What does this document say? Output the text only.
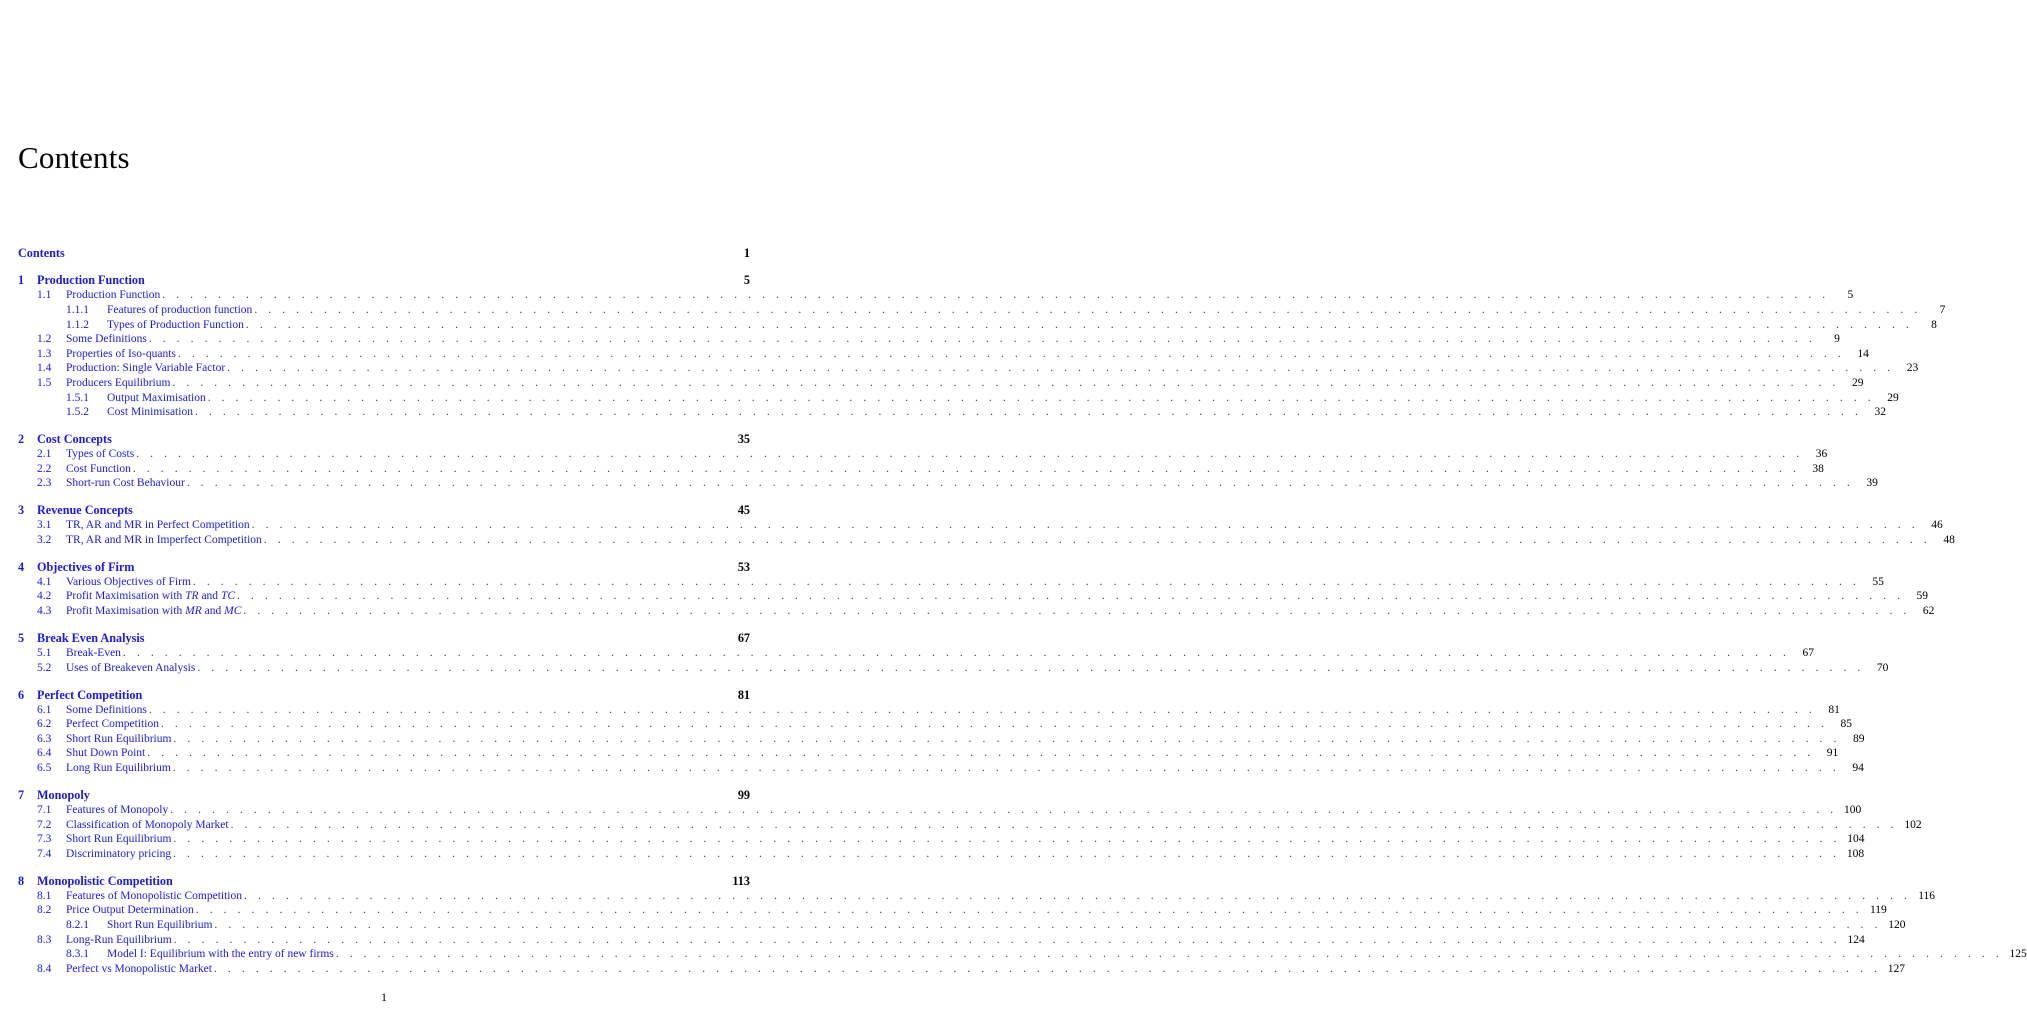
Contents
Contents	1
1	Production Function	5
1.1	Production Function . . . . . . . . . . . . . . . . . . . . . . . . . . . . . . . . . . . . . . . . . . . . . . . . . . . . . . . . . . . . . . . . . . . . . . . . . . . . . . . . . . . . . . . . . . . . . . . . . . . . . . . . . . . . . . . . . . . . . . . .	5
1.1.1	Features of production function . . . . . . . . . . . . . . . . . . . . . . . . . . . . . . . . . . . . . . . . . . . . . . . . . . . . . . . . . . . . . . . . . . . . . . . . . . . . . . . . . . . . . . . . . . . . . . . . . . . . . . . . . . . . . . . . . . . . . . . .	7
1.1.2	Types of Production Function . . . . . . . . . . . . . . . . . . . . . . . . . . . . . . . . . . . . . . . . . . . . . . . . . . . . . . . . . . . . . . . . . . . . . . . . . . . . . . . . . . . . . . . . . . . . . . . . . . . . . . . . . . . . . . . . . . . . . . . .	8
1.2	Some Definitions . . . . . . . . . . . . . . . . . . . . . . . . . . . . . . . . . . . . . . . . . . . . . . . . . . . . . . . . . . . . . . . . . . . . . . . . . . . . . . . . . . . . . . . . . . . . . . . . . . . . . . . . . . . . . . . . . . . . . . . .	9
1.3	Properties of Iso-quants . . . . . . . . . . . . . . . . . . . . . . . . . . . . . . . . . . . . . . . . . . . . . . . . . . . . . . . . . . . . . . . . . . . . . . . . . . . . . . . . . . . . . . . . . . . . . . . . . . . . . . . . . . . . . . . . . . . . . . . .	14
1.4	Production: Single Variable Factor . . . . . . . . . . . . . . . . . . . . . . . . . . . . . . . . . . . . . . . . . . . . . . . . . . . . . . . . . . . . . . . . . . . . . . . . . . . . . . . . . . . . . . . . . . . . . . . . . . . . . . . . . . . . . . . . . . . . . . . .	23
1.5	Producers Equilibrium . . . . . . . . . . . . . . . . . . . . . . . . . . . . . . . . . . . . . . . . . . . . . . . . . . . . . . . . . . . . . . . . . . . . . . . . . . . . . . . . . . . . . . . . . . . . . . . . . . . . . . . . . . . . . . . . . . . . . . . .	29
1.5.1	Output Maximisation . . . . . . . . . . . . . . . . . . . . . . . . . . . . . . . . . . . . . . . . . . . . . . . . . . . . . . . . . . . . . . . . . . . . . . . . . . . . . . . . . . . . . . . . . . . . . . . . . . . . . . . . . . . . . . . . . . . . . . . .	29
1.5.2	Cost Minimisation . . . . . . . . . . . . . . . . . . . . . . . . . . . . . . . . . . . . . . . . . . . . . . . . . . . . . . . . . . . . . . . . . . . . . . . . . . . . . . . . . . . . . . . . . . . . . . . . . . . . . . . . . . . . . . . . . . . . . . . .	32
2	Cost Concepts	35
2.1	Types of Costs . . . . . . . . . . . . . . . . . . . . . . . . . . . . . . . . . . . . . . . . . . . . . . . . . . . . . . . . . . . . . . . . . . . . . . . . . . . . . . . . . . . . . . . . . . . . . . . . . . . . . . . . . . . . . . . . . . . . . . . .	36
2.2	Cost Function . . . . . . . . . . . . . . . . . . . . . . . . . . . . . . . . . . . . . . . . . . . . . . . . . . . . . . . . . . . . . . . . . . . . . . . . . . . . . . . . . . . . . . . . . . . . . . . . . . . . . . . . . . . . . . . . . . . . . . . .	38
2.3	Short-run Cost Behaviour . . . . . . . . . . . . . . . . . . . . . . . . . . . . . . . . . . . . . . . . . . . . . . . . . . . . . . . . . . . . . . . . . . . . . . . . . . . . . . . . . . . . . . . . . . . . . . . . . . . . . . . . . . . . . . . . . . . . . . . .	39
3	Revenue Concepts	45
3.1	TR, AR and MR in Perfect Competition . . . . . . . . . . . . . . . . . . . . . . . . . . . . . . . . . . . . . . . . . . . . . . . . . . . . . . . . . . . . . . . . . . . . . . . . . . . . . . . . . . . . . . . . . . . . . . . . . . . . . . . . . . . . . . . . . . . . . . . .	46
3.2	TR, AR and MR in Imperfect Competition . . . . . . . . . . . . . . . . . . . . . . . . . . . . . . . . . . . . . . . . . . . . . . . . . . . . . . . . . . . . . . . . . . . . . . . . . . . . . . . . . . . . . . . . . . . . . . . . . . . . . . . . . . . . . . . . . . . . . . . .	48
4	Objectives of Firm	53
4.1	Various Objectives of Firm . . . . . . . . . . . . . . . . . . . . . . . . . . . . . . . . . . . . . . . . . . . . . . . . . . . . . . . . . . . . . . . . . . . . . . . . . . . . . . . . . . . . . . . . . . . . . . . . . . . . . . . . . . . . . . . . . . . . . . . .	55
4.2	Profit Maximisation with TR and TC . . . . . . . . . . . . . . . . . . . . . . . . . . . . . . . . . . . . . . . . . . . . . . . . . . . . . . . . . . . . . . . . . . . . . . . . . . . . . . . . . . . . . . . . . . . . . . . . . . . . . . . . . . . . . . . . . . . . . . . .	59
4.3	Profit Maximisation with MR and MC . . . . . . . . . . . . . . . . . . . . . . . . . . . . . . . . . . . . . . . . . . . . . . . . . . . . . . . . . . . . . . . . . . . . . . . . . . . . . . . . . . . . . . . . . . . . . . . . . . . . . . . . . . . . . . . . . . . . . . . .	62
5	Break Even Analysis	67
5.1	Break-Even . . . . . . . . . . . . . . . . . . . . . . . . . . . . . . . . . . . . . . . . . . . . . . . . . . . . . . . . . . . . . . . . . . . . . . . . . . . . . . . . . . . . . . . . . . . . . . . . . . . . . . . . . . . . . . . . . . . . . . . .	67
5.2	Uses of Breakeven Analysis . . . . . . . . . . . . . . . . . . . . . . . . . . . . . . . . . . . . . . . . . . . . . . . . . . . . . . . . . . . . . . . . . . . . . . . . . . . . . . . . . . . . . . . . . . . . . . . . . . . . . . . . . . . . . . . . . . . . . . . .	70
6	Perfect Competition	81
6.1	Some Definitions . . . . . . . . . . . . . . . . . . . . . . . . . . . . . . . . . . . . . . . . . . . . . . . . . . . . . . . . . . . . . . . . . . . . . . . . . . . . . . . . . . . . . . . . . . . . . . . . . . . . . . . . . . . . . . . . . . . . . . . .	81
6.2	Perfect Competition . . . . . . . . . . . . . . . . . . . . . . . . . . . . . . . . . . . . . . . . . . . . . . . . . . . . . . . . . . . . . . . . . . . . . . . . . . . . . . . . . . . . . . . . . . . . . . . . . . . . . . . . . . . . . . . . . . . . . . . .	85
6.3	Short Run Equilibrium . . . . . . . . . . . . . . . . . . . . . . . . . . . . . . . . . . . . . . . . . . . . . . . . . . . . . . . . . . . . . . . . . . . . . . . . . . . . . . . . . . . . . . . . . . . . . . . . . . . . . . . . . . . . . . . . . . . . . . . .	89
6.4	Shut Down Point . . . . . . . . . . . . . . . . . . . . . . . . . . . . . . . . . . . . . . . . . . . . . . . . . . . . . . . . . . . . . . . . . . . . . . . . . . . . . . . . . . . . . . . . . . . . . . . . . . . . . . . . . . . . . . . . . . . . . . . .	91
6.5	Long Run Equilibrium . . . . . . . . . . . . . . . . . . . . . . . . . . . . . . . . . . . . . . . . . . . . . . . . . . . . . . . . . . . . . . . . . . . . . . . . . . . . . . . . . . . . . . . . . . . . . . . . . . . . . . . . . . . . . . . . . . . . . . . .	94
7	Monopoly	99
7.1	Features of Monopoly . . . . . . . . . . . . . . . . . . . . . . . . . . . . . . . . . . . . . . . . . . . . . . . . . . . . . . . . . . . . . . . . . . . . . . . . . . . . . . . . . . . . . . . . . . . . . . . . . . . . . . . . . . . . . . . . . . . . . . . . 100
7.2	Classification of Monopoly Market . . . . . . . . . . . . . . . . . . . . . . . . . . . . . . . . . . . . . . . . . . . . . . . . . . . . . . . . . . . . . . . . . . . . . . . . . . . . . . . . . . . . . . . . . . . . . . . . . . . . . . . . . . . . . . . . . . . . . . . . 102
7.3	Short Run Equilibrium . . . . . . . . . . . . . . . . . . . . . . . . . . . . . . . . . . . . . . . . . . . . . . . . . . . . . . . . . . . . . . . . . . . . . . . . . . . . . . . . . . . . . . . . . . . . . . . . . . . . . . . . . . . . . . . . . . . . . . . . 104
7.4	Discriminatory pricing . . . . . . . . . . . . . . . . . . . . . . . . . . . . . . . . . . . . . . . . . . . . . . . . . . . . . . . . . . . . . . . . . . . . . . . . . . . . . . . . . . . . . . . . . . . . . . . . . . . . . . . . . . . . . . . . . . . . . . . . 108
8	Monopolistic Competition	113
8.1	Features of Monopolistic Competition . . . . . . . . . . . . . . . . . . . . . . . . . . . . . . . . . . . . . . . . . . . . . . . . . . . . . . . . . . . . . . . . . . . . . . . . . . . . . . . . . . . . . . . . . . . . . . . . . . . . . . . . . . . . . . . . . . . . . . . . 116
8.2	Price Output Determination . . . . . . . . . . . . . . . . . . . . . . . . . . . . . . . . . . . . . . . . . . . . . . . . . . . . . . . . . . . . . . . . . . . . . . . . . . . . . . . . . . . . . . . . . . . . . . . . . . . . . . . . . . . . . . . . . . . . . . . . 119
8.2.1	Short Run Equilibrium . . . . . . . . . . . . . . . . . . . . . . . . . . . . . . . . . . . . . . . . . . . . . . . . . . . . . . . . . . . . . . . . . . . . . . . . . . . . . . . . . . . . . . . . . . . . . . . . . . . . . . . . . . . . . . . . . . . . . . . . 120
8.3	Long-Run Equilibrium . . . . . . . . . . . . . . . . . . . . . . . . . . . . . . . . . . . . . . . . . . . . . . . . . . . . . . . . . . . . . . . . . . . . . . . . . . . . . . . . . . . . . . . . . . . . . . . . . . . . . . . . . . . . . . . . . . . . . . . . 124
8.3.1	Model I: Equilibrium with the entry of new firms . . . . . . . . . . . . . . . . . . . . . . . . . . . . . . . . . . . . . . . . . . . . . . . . . . . . . . . . . . . . . . . . . . . . . . . . . . . . . . . . . . . . . . . . . . . . . . . . . . . . . . . . . . . . . . . . . . . . . . . . 125
8.4	Perfect vs Monopolistic Market . . . . . . . . . . . . . . . . . . . . . . . . . . . . . . . . . . . . . . . . . . . . . . . . . . . . . . . . . . . . . . . . . . . . . . . . . . . . . . . . . . . . . . . . . . . . . . . . . . . . . . . . . . . . . . . . . . . . . . . . 127
1
